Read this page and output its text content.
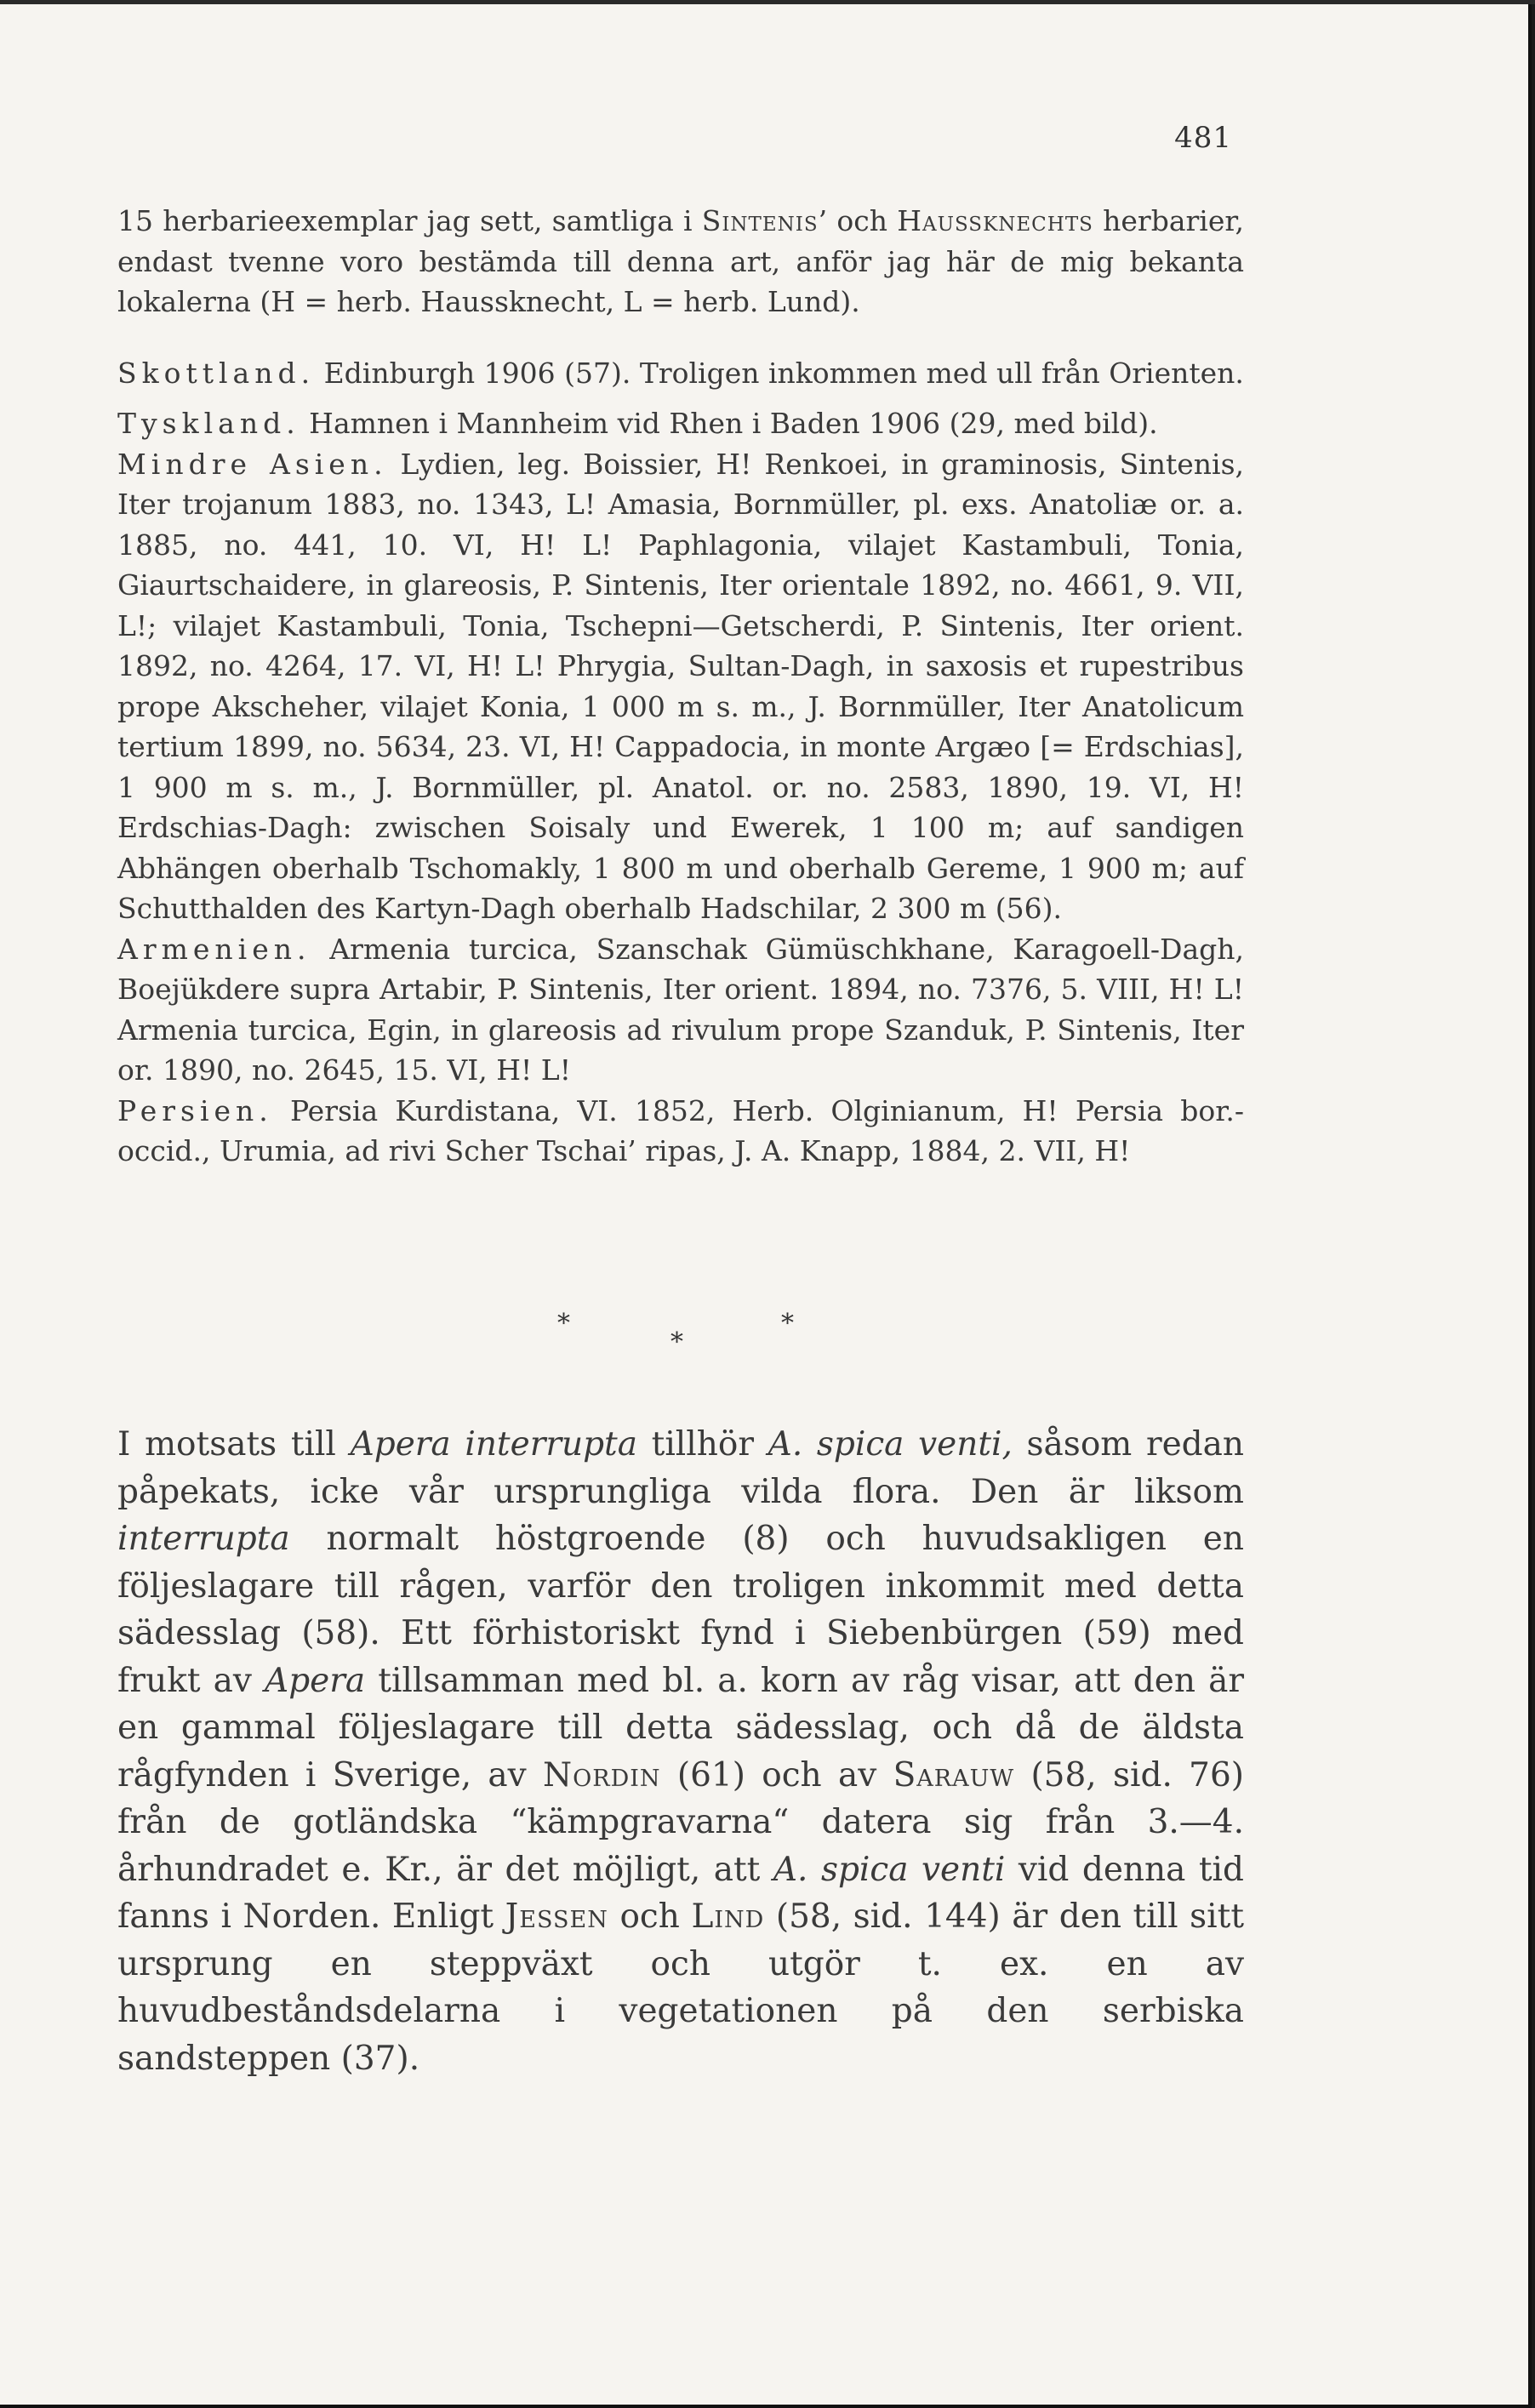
481

15 herbarieexemplar jag sett, samtliga i Sintenis’ och Haussknechts herbarier, endast tvenne voro bestämda till denna art, anför jag här de mig bekanta lokalerna (H = herb. Haussknecht, L = herb. Lund).

Skottland. Edinburgh 1906 (57). Troligen inkommen med ull från Orienten.

Tyskland. Hamnen i Mannheim vid Rhen i Baden 1906 (29, med bild).

Mindre Asien. Lydien, leg. Boissier, H! Renkoei, in graminosis, Sintenis, Iter trojanum 1883, no. 1343, L! Amasia, Bornmüller, pl. exs. Anatoliæ or. a. 1885, no. 441, 10. VI, H! L! Paphlagonia, vilajet Kastambuli, Tonia, Giaurtschaidere, in glareosis, P. Sintenis, Iter orientale 1892, no. 4661, 9. VII, L!; vilajet Kastambuli, Tonia, Tschepni—Getscherdi, P. Sintenis, Iter orient. 1892, no. 4264, 17. VI, H! L! Phrygia, Sultan-Dagh, in saxosis et rupestribus prope Akscheher, vilajet Konia, 1 000 m s. m., J. Bornmüller, Iter Anatolicum tertium 1899, no. 5634, 23. VI, H! Cappadocia, in monte Argæo [= Erdschias], 1 900 m s. m., J. Bornmüller, pl. Anatol. or. no. 2583, 1890, 19. VI, H! Erdschias-Dagh: zwischen Soisaly und Ewerek, 1 100 m; auf sandigen Abhängen oberhalb Tschomakly, 1 800 m und oberhalb Gereme, 1 900 m; auf Schutthalden des Kartyn-Dagh oberhalb Hadschilar, 2 300 m (56).

Armenien. Armenia turcica, Szanschak Gümüschkhane, Karagoell-Dagh, Boejükdere supra Artabir, P. Sintenis, Iter orient. 1894, no. 7376, 5. VIII, H! L! Armenia turcica, Egin, in glareosis ad rivulum prope Szanduk, P. Sintenis, Iter or. 1890, no. 2645, 15. VI, H! L!

Persien. Persia Kurdistana, VI. 1852, Herb. Olginianum, H! Persia bor.-occid., Urumia, ad rivi Scher Tschai’ ripas, J. A. Knapp, 1884, 2. VII, H!

*	*
*

I motsats till Apera interrupta tillhör A. spica venti, såsom redan påpekats, icke vår ursprungliga vilda flora. Den är liksom interrupta normalt höstgroende (8) och huvudsakligen en följeslagare till rågen, varför den troligen inkommit med detta sädesslag (58). Ett förhistoriskt fynd i Siebenbürgen (59) med frukt av Apera tillsamman med bl. a. korn av råg visar, att den är en gammal följeslagare till detta sädesslag, och då de äldsta rågfynden i Sverige, av Nordin (61) och av Sarauw (58, sid. 76) från de gotländska “kämpgravarna“ datera sig från 3.—4. århundradet e. Kr., är det möjligt, att A. spica venti vid denna tid fanns i Norden. Enligt Jessen och Lind (58, sid. 144) är den till sitt ursprung en steppväxt och utgör t. ex. en av huvudbeståndsdelarna i vegetationen på den serbiska sandsteppen (37).
